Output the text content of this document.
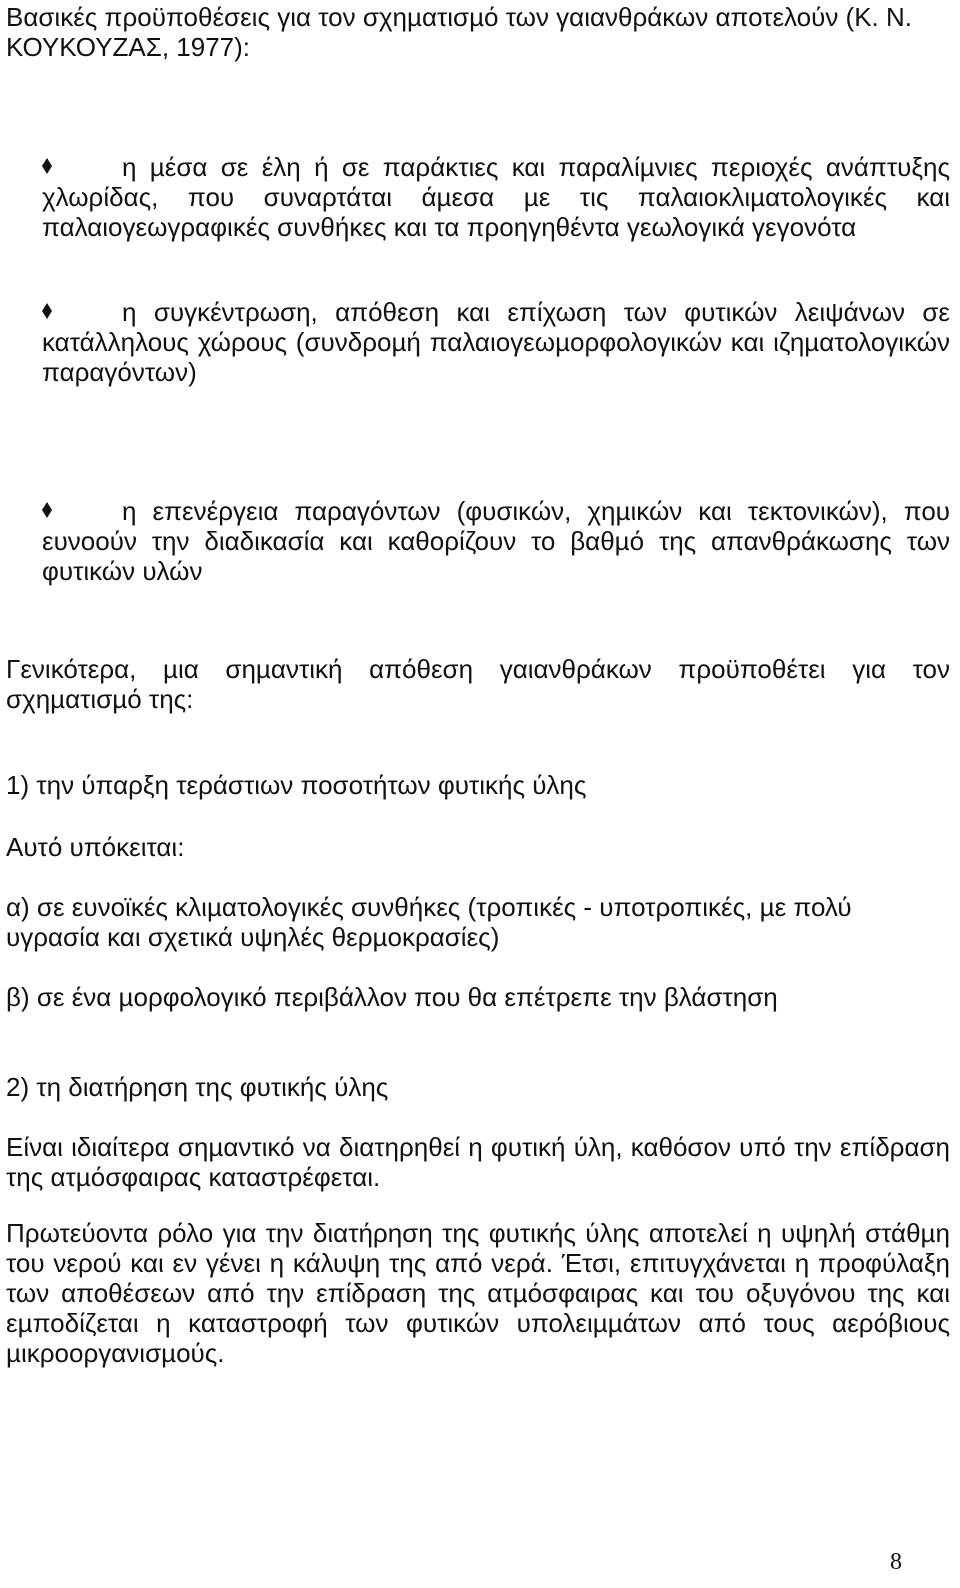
Βασικές προϋποθέσεις για τον σχηµατισµό των γαιανθράκων αποτελούν (Κ. Ν. ΚΟΥΚΟΥΖΑΣ, 1977):

η µέσα σε έλη ή σε παράκτιες και παραλίµνιες περιοχές ανάπτυξης χλωρίδας, που συναρτάται άµεσα µε τις παλαιοκλιµατολογικές και παλαιογεωγραφικές συνθήκες και τα προηγηθέντα γεωλογικά γεγονότα
η συγκέντρωση, απόθεση και επίχωση των φυτικών λειψάνων σε κατάλληλους χώρους (συνδροµή παλαιογεωµορφολογικών και ιζηµατολογικών παραγόντων)
η επενέργεια παραγόντων (φυσικών, χηµικών και τεκτονικών), που ευνοούν την διαδικασία και καθορίζουν το βαθµό της απανθράκωσης των φυτικών υλών

Γενικότερα, µια σηµαντική απόθεση γαιανθράκων προϋποθέτει για τον σχηµατισµό της:

1) την ύπαρξη τεράστιων ποσοτήτων φυτικής ύλης

Αυτό υπόκειται:

α) σε ευνοϊκές κλιµατολογικές συνθήκες (τροπικές - υποτροπικές, µε πολύ υγρασία και σχετικά υψηλές θερµοκρασίες)

β) σε ένα µορφολογικό περιβάλλον που θα επέτρεπε την βλάστηση

2) τη διατήρηση της φυτικής ύλης

Είναι ιδιαίτερα σηµαντικό να διατηρηθεί η φυτική ύλη, καθόσον υπό την επίδραση της ατµόσφαιρας καταστρέφεται.

Πρωτεύοντα ρόλο για την διατήρηση της φυτικής ύλης αποτελεί η υψηλή στάθµη του νερού και εν γένει η κάλυψη της από νερά. Έτσι, επιτυγχάνεται η προφύλαξη των αποθέσεων από την επίδραση της ατµόσφαιρας και του οξυγόνου της και εµποδίζεται η καταστροφή των φυτικών υπολειµµάτων από τους αερόβιους µικροοργανισµούς.

8
